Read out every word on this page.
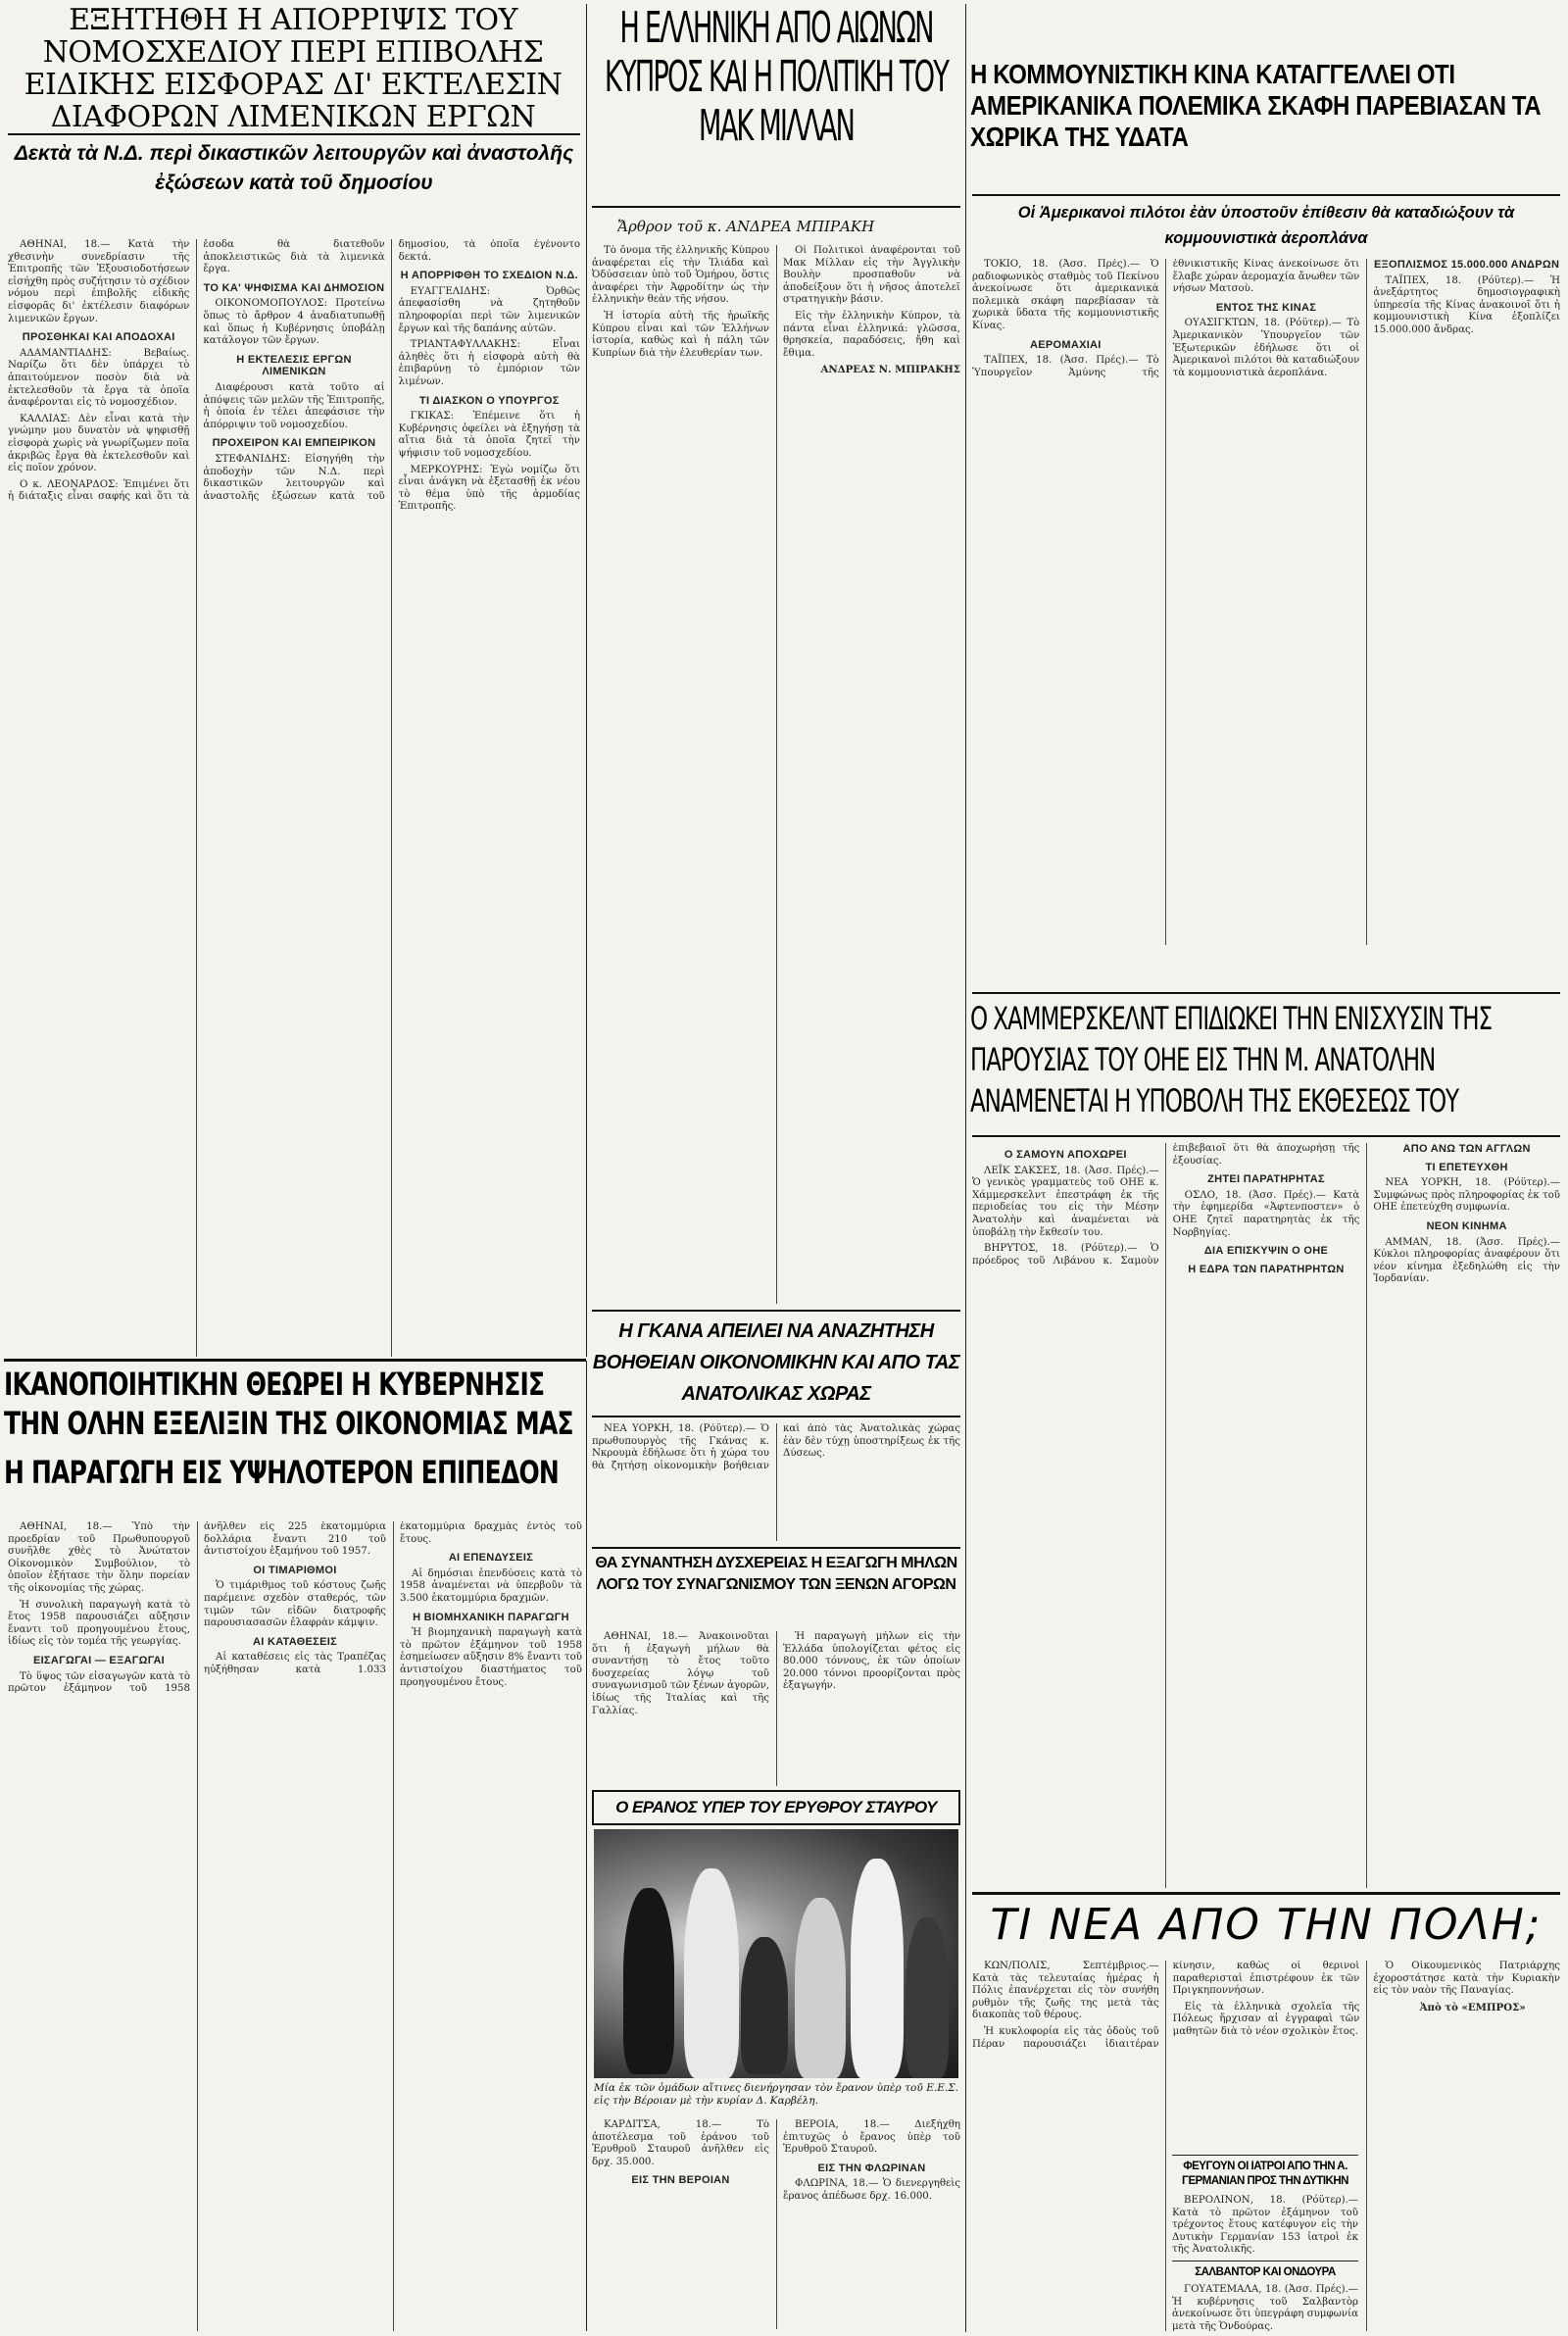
ΕΞΗΤΗΘΗ Η ΑΠΟΡΡΙΨΙΣ ΤΟΥ ΝΟΜΟΣΧΕΔΙΟΥ ΠΕΡΙ ΕΠΙΒΟΛΗΣ ΕΙΔΙΚΗΣ ΕΙΣΦΟΡΑΣ ΔΙ' ΕΚΤΕΛΕΣΙΝ ΔΙΑΦΟΡΩΝ ΛΙΜΕΝΙΚΩΝ ΕΡΓΩΝ
Δεκτὰ τὰ Ν.Δ. περὶ δικαστικῶν λειτουργῶν καὶ ἀναστολῆς ἐξώσεων κατὰ τοῦ δημοσίου

ΑΘΗΝΑΙ, 18.— Κατὰ τὴν χθεσινὴν συνεδρίασιν τῆς Ἐπιτροπῆς τῶν Ἐξουσιοδοτήσεων εἰσήχθη πρὸς συζήτησιν τὸ σχέδιον νόμου περὶ ἐπιβολῆς εἰδικῆς εἰσφορᾶς δι' ἐκτέλεσιν διαφόρων λιμενικῶν ἔργων.

ΠΡΟΣΘΗΚΑΙ ΚΑΙ ΑΠΟΔΟΧΑΙ

ΑΔΑΜΑΝΤΙΑΔΗΣ: Βεβαίως. Ναρίζω ὅτι δὲν ὑπάρχει τὸ ἀπαιτούμενον ποσὸν διὰ νὰ ἐκτελεσθοῦν τὰ ἔργα τὰ ὁποῖα ἀναφέρονται εἰς τὸ νομοσχέδιον.

ΚΑΛΛΙΑΣ: Δὲν εἶναι κατὰ τὴν γνώμην μου δυνατὸν νὰ ψηφισθῇ εἰσφορὰ χωρὶς νὰ γνωρίζωμεν ποῖα ἀκριβῶς ἔργα θὰ ἐκτελεσθοῦν καὶ εἰς ποῖον χρόνον.

Ο κ. ΛΕΟΝΑΡΔΟΣ: Ἐπιμένει ὅτι ἡ διάταξις εἶναι σαφής καὶ ὅτι τὰ ἔσοδα θὰ διατεθοῦν ἀποκλειστικῶς διὰ τὰ λιμενικὰ ἔργα.

ΤΟ ΚΑ' ΨΗΦΙΣΜΑ ΚΑΙ ΔΗΜΟΣΙΟΝ

ΟΙΚΟΝΟΜΟΠΟΥΛΟΣ: Προτείνω ὅπως τὸ ἄρθρον 4 ἀναδιατυπωθῇ καὶ ὅπως ἡ Κυβέρνησις ὑποβάλῃ κατάλογον τῶν ἔργων.

Η ΕΚΤΕΛΕΣΙΣ ΕΡΓΩΝ ΛΙΜΕΝΙΚΩΝ

Διαφέρουσι κατὰ τοῦτο αἱ ἀπόψεις τῶν μελῶν τῆς Ἐπιτροπῆς, ἡ ὁποία ἐν τέλει ἀπεφάσισε τὴν ἀπόρριψιν τοῦ νομοσχεδίου.

ΠΡΟΧΕΙΡΟΝ ΚΑΙ ΕΜΠΕΙΡΙΚΟΝ

ΣΤΕΦΑΝΙΔΗΣ: Εἰσηγήθη τὴν ἀποδοχὴν τῶν Ν.Δ. περὶ δικαστικῶν λειτουργῶν καὶ ἀναστολῆς ἐξώσεων κατὰ τοῦ δημοσίου, τὰ ὁποῖα ἐγένοντο δεκτά.

Η ΑΠΟΡΡΙΦΘΗ ΤΟ ΣΧΕΔΙΟΝ Ν.Δ.

ΕΥΑΓΓΕΛΙΔΗΣ: Ὀρθῶς ἀπεφασίσθη νὰ ζητηθοῦν πληροφορίαι περὶ τῶν λιμενικῶν ἔργων καὶ τῆς δαπάνης αὐτῶν.

ΤΡΙΑΝΤΑΦΥΛΛΑΚΗΣ: Εἶναι ἀληθὲς ὅτι ἡ εἰσφορὰ αὐτὴ θὰ ἐπιβαρύνῃ τὸ ἐμπόριον τῶν λιμένων.

ΤΙ ΔΙΑΣΚΟΝ Ο ΥΠΟΥΡΓΟΣ

ΓΚΙΚΑΣ: Ἐπέμεινε ὅτι ἡ Κυβέρνησις ὀφείλει νὰ ἐξηγήσῃ τὰ αἴτια διὰ τὰ ὁποῖα ζητεῖ τὴν ψήφισιν τοῦ νομοσχεδίου.

ΜΕΡΚΟΥΡΗΣ: Ἐγὼ νομίζω ὅτι εἶναι ἀνάγκη νὰ ἐξετασθῇ ἐκ νέου τὸ θέμα ὑπὸ τῆς ἁρμοδίας Ἐπιτροπῆς.

Η ΕΛΛΗΝΙΚΗ ΑΠΟ ΑΙΩΝΩΝ ΚΥΠΡΟΣ ΚΑΙ Η ΠΟΛΙΤΙΚΗ ΤΟΥ ΜΑΚ ΜΙΛΛΑΝ
Ἄρθρον τοῦ κ. ΑΝΔΡΕΑ ΜΠΙΡΑΚΗ

Τὸ ὄνομα τῆς ἑλληνικῆς Κύπρου ἀναφέρεται εἰς τὴν Ἰλιάδα καὶ Ὀδύσσειαν ὑπὸ τοῦ Ὁμήρου, ὅστις ἀναφέρει τὴν Ἀφροδίτην ὡς τὴν ἐλληνικὴν θεὰν τῆς νήσου.

Ἡ ἱστορία αὐτὴ τῆς ἡρωϊκῆς Κύπρου εἶναι καὶ τῶν Ἑλλήνων ἱστορία, καθὼς καὶ ἡ πάλη τῶν Κυπρίων διὰ τὴν ἐλευθερίαν των.

Οἱ Πολιτικοὶ ἀναφέρονται τοῦ Μακ Μίλλαν εἰς τὴν Ἀγγλικὴν Βουλὴν προσπαθοῦν νὰ ἀποδείξουν ὅτι ἡ νῆσος ἀποτελεῖ στρατηγικὴν βάσιν.

Εἰς τὴν ἑλληνικὴν Κύπρον, τὰ πάντα εἶναι ἑλληνικά: γλῶσσα, θρησκεία, παραδόσεις, ἤθη καὶ ἔθιμα.

ΑΝΔΡΕΑΣ Ν. ΜΠΙΡΑΚΗΣ

Η ΚΟΜΜΟΥΝΙΣΤΙΚΗ ΚΙΝΑ ΚΑΤΑΓΓΕΛΛΕΙ ΟΤΙ ΑΜΕΡΙΚΑΝΙΚΑ ΠΟΛΕΜΙΚΑ ΣΚΑΦΗ ΠΑΡΕΒΙΑΣΑΝ ΤΑ ΧΩΡΙΚΑ ΤΗΣ ΥΔΑΤΑ
Οἱ Ἀμερικανοὶ πιλότοι ἐὰν ὑποστοῦν ἐπίθεσιν θὰ καταδιώξουν τὰ κομμουνιστικὰ ἀεροπλάνα

ΤΟΚΙΟ, 18. (Ἀσσ. Πρές).— Ὁ ραδιοφωνικὸς σταθμὸς τοῦ Πεκίνου ἀνεκοίνωσε ὅτι ἀμερικανικὰ πολεμικὰ σκάφη παρεβίασαν τὰ χωρικὰ ὕδατα τῆς κομμουνιστικῆς Κίνας.

ΑΕΡΟΜΑΧΙΑΙ

ΤΑΪΠΕΧ, 18. (Ἀσσ. Πρές).— Τὸ Ὑπουργεῖον Ἀμύνης τῆς ἐθνικιστικῆς Κίνας ἀνεκοίνωσε ὅτι ἔλαβε χώραν ἀερομαχία ἄνωθεν τῶν νήσων Ματσοὺ.

ΕΝΤΟΣ ΤΗΣ ΚΙΝΑΣ

ΟΥΑΣΙΓΚΤΩΝ, 18. (Ρόϋτερ).— Τὸ Ἀμερικανικὸν Ὑπουργεῖον τῶν Ἐξωτερικῶν ἐδήλωσε ὅτι οἱ Ἀμερικανοὶ πιλότοι θὰ καταδιώξουν τὰ κομμουνιστικὰ ἀεροπλάνα.

ΕΞΟΠΛΙΣΜΟΣ 15.000.000 ΑΝΔΡΩΝ

ΤΑΪΠΕΧ, 18. (Ρόϋτερ).— Ἡ ἀνεξάρτητος δημοσιογραφικὴ ὑπηρεσία τῆς Κίνας ἀνακοινοῖ ὅτι ἡ κομμουνιστικὴ Κίνα ἐξοπλίζει 15.000.000 ἄνδρας.

Ο ΧΑΜΜΕΡΣΚΕΛΝΤ ΕΠΙΔΙΩΚΕΙ ΤΗΝ ΕΝΙΣΧΥΣΙΝ ΤΗΣ ΠΑΡΟΥΣΙΑΣ ΤΟΥ ΟΗΕ ΕΙΣ ΤΗΝ Μ. ΑΝΑΤΟΛΗΝ ΑΝΑΜΕΝΕΤΑΙ Η ΥΠΟΒΟΛΗ ΤΗΣ ΕΚΘΕΣΕΩΣ ΤΟΥ
Ο ΣΑΜΟΥΝ ΑΠΟΧΩΡΕΙ

ΛΕΪΚ ΣΑΚΣΕΣ, 18. (Ἀσσ. Πρές).— Ὁ γενικὸς γραμματεὺς τοῦ ΟΗΕ κ. Χάμμερσκελντ ἐπεστράφη ἐκ τῆς περιοδείας του εἰς τὴν Μέσην Ἀνατολὴν καὶ ἀναμένεται νὰ ὑποβάλῃ τὴν ἔκθεσίν του.

ΒΗΡΥΤΟΣ, 18. (Ρόϋτερ).— Ὁ πρόεδρος τοῦ Λιβάνου κ. Σαμοὺν ἐπιβεβαιοῖ ὅτι θὰ ἀποχωρήσῃ τῆς ἐξουσίας.

ΖΗΤΕΙ ΠΑΡΑΤΗΡΗΤΑΣ

ΟΣΛΟ, 18. (Ἀσσ. Πρές).— Κατὰ τὴν ἐφημερίδα «Ἀφτενποστεν» ὁ ΟΗΕ ζητεῖ παρατηρητὰς ἐκ τῆς Νορβηγίας.

ΔΙΑ ΕΠΙΣΚΥΨΙΝ Ο ΟΗΕ
Η ΕΔΡΑ ΤΩΝ ΠΑΡΑΤΗΡΗΤΩΝ
ΑΠΟ ΑΝΩ ΤΩΝ ΑΓΓΛΩΝ
ΤΙ ΕΠΕΤΕΥΧΘΗ

ΝΕΑ ΥΟΡΚΗ, 18. (Ρόϋτερ).— Συμφώνως πρὸς πληροφορίας ἐκ τοῦ ΟΗΕ ἐπετεύχθη συμφωνία.

ΝΕΟΝ ΚΙΝΗΜΑ

ΑΜΜΑΝ, 18. (Ἀσσ. Πρές).— Κύκλοι πληροφορίας ἀναφέρουν ὅτι νέον κίνημα ἐξεδηλώθη εἰς τὴν Ἰορδανίαν.

Η ΓΚΑΝΑ ΑΠΕΙΛΕΙ ΝΑ ΑΝΑΖΗΤΗΣΗ ΒΟΗΘΕΙΑΝ ΟΙΚΟΝΟΜΙΚΗΝ ΚΑΙ ΑΠΟ ΤΑΣ ΑΝΑΤΟΛΙΚΑΣ ΧΩΡΑΣ

ΝΕΑ ΥΟΡΚΗ, 18. (Ρόϋτερ).— Ὁ πρωθυπουργὸς τῆς Γκάνας κ. Νκρουμὰ ἐδήλωσε ὅτι ἡ χώρα του θὰ ζητήσῃ οἰκονομικὴν βοήθειαν καὶ ἀπὸ τὰς Ἀνατολικὰς χώρας ἐὰν δὲν τύχῃ ὑποστηρίξεως ἐκ τῆς Δύσεως.

ΙΚΑΝΟΠΟΙΗΤΙΚΗΝ ΘΕΩΡΕΙ Η ΚΥΒΕΡΝΗΣΙΣ ΤΗΝ ΟΛΗΝ ΕΞΕΛΙΞΙΝ ΤΗΣ ΟΙΚΟΝΟΜΙΑΣ ΜΑΣ
Η ΠΑΡΑΓΩΓΗ ΕΙΣ ΥΨΗΛΟΤΕΡΟΝ ΕΠΙΠΕΔΟΝ

ΑΘΗΝΑΙ, 18.— Ὑπὸ τὴν προεδρίαν τοῦ Πρωθυπουργοῦ συνῆλθε χθὲς τὸ Ἀνώτατον Οἰκονομικὸν Συμβούλιον, τὸ ὁποῖον ἐξήτασε τὴν ὅλην πορείαν τῆς οἰκονομίας τῆς χώρας.

Ἡ συνολικὴ παραγωγὴ κατὰ τὸ ἔτος 1958 παρουσιάζει αὔξησιν ἔναντι τοῦ προηγουμένου ἔτους, ἰδίως εἰς τὸν τομέα τῆς γεωργίας.

ΕΙΣΑΓΩΓΑΙ — ΕΞΑΓΩΓΑΙ

Τὸ ὕψος τῶν εἰσαγωγῶν κατὰ τὸ πρῶτον ἑξάμηνον τοῦ 1958 ἀνῆλθεν εἰς 225 ἑκατομμύρια δολλάρια ἔναντι 210 τοῦ ἀντιστοίχου ἑξαμήνου τοῦ 1957.

ΟΙ ΤΙΜΑΡΙΘΜΟΙ

Ὁ τιμάριθμος τοῦ κόστους ζωῆς παρέμεινε σχεδὸν σταθερός, τῶν τιμῶν τῶν εἰδῶν διατροφῆς παρουσιασασῶν ἐλαφρὰν κάμψιν.

ΑΙ ΚΑΤΑΘΕΣΕΙΣ

Αἱ καταθέσεις εἰς τὰς Τραπέζας ηὐξήθησαν κατὰ 1.033 ἑκατομμύρια δραχμὰς ἐντὸς τοῦ ἔτους.

ΑΙ ΕΠΕΝΔΥΣΕΙΣ

Αἱ δημόσιαι ἐπενδύσεις κατὰ τὸ 1958 ἀναμένεται νὰ ὑπερβοῦν τὰ 3.500 ἑκατομμύρια δραχμῶν.

Η ΒΙΟΜΗΧΑΝΙΚΗ ΠΑΡΑΓΩΓΗ

Ἡ βιομηχανικὴ παραγωγὴ κατὰ τὸ πρῶτον ἑξάμηνον τοῦ 1958 ἐσημείωσεν αὔξησιν 8% ἔναντι τοῦ ἀντιστοίχου διαστήματος τοῦ προηγουμένου ἔτους.

ΘΑ ΣΥΝΑΝΤΗΣΗ ΔΥΣΧΕΡΕΙΑΣ Η ΕΞΑΓΩΓΗ ΜΗΛΩΝ ΛΟΓΩ ΤΟΥ ΣΥΝΑΓΩΝΙΣΜΟΥ ΤΩΝ ΞΕΝΩΝ ΑΓΟΡΩΝ

ΑΘΗΝΑΙ, 18.— Ἀνακοινοῦται ὅτι ἡ ἐξαγωγὴ μήλων θὰ συναντήσῃ τὸ ἔτος τοῦτο δυσχερείας λόγῳ τοῦ συναγωνισμοῦ τῶν ξένων ἀγορῶν, ἰδίως τῆς Ἰταλίας καὶ τῆς Γαλλίας.

Ἡ παραγωγὴ μήλων εἰς τὴν Ἑλλάδα ὑπολογίζεται φέτος εἰς 80.000 τόννους, ἐκ τῶν ὁποίων 20.000 τόννοι προορίζονται πρὸς ἐξαγωγήν.

Ο ΕΡΑΝΟΣ ΥΠΕΡ ΤΟΥ ΕΡΥΘΡΟΥ ΣΤΑΥΡΟΥ
Μία ἐκ τῶν ὁμάδων αἵτινες διενήργησαν τὸν ἔρανον ὑπὲρ τοῦ Ε.Ε.Σ. εἰς τὴν Βέροιαν μὲ τὴν κυρίαν Δ. Καρβέλη.

ΚΑΡΔΙΤΣΑ, 18.— Τὸ ἀποτέλεσμα τοῦ ἐράνου τοῦ Ἐρυθροῦ Σταυροῦ ἀνῆλθεν εἰς δρχ. 35.000.

ΕΙΣ ΤΗΝ ΒΕΡΟΙΑΝ

ΒΕΡΟΙΑ, 18.— Διεξήχθη ἐπιτυχῶς ὁ ἔρανος ὑπὲρ τοῦ Ἐρυθροῦ Σταυροῦ.

ΕΙΣ ΤΗΝ ΦΛΩΡΙΝΑΝ

ΦΛΩΡΙΝΑ, 18.— Ὁ διενεργηθεὶς ἔρανος ἀπέδωσε δρχ. 16.000.

ΤΙ ΝΕΑ ΑΠΟ ΤΗΝ ΠΟΛΗ;

ΚΩΝ/ΠΟΛΙΣ, Σεπτέμβριος.— Κατὰ τὰς τελευταίας ἡμέρας ἡ Πόλις ἐπανέρχεται εἰς τὸν συνήθη ρυθμὸν τῆς ζωῆς της μετὰ τὰς διακοπὰς τοῦ θέρους.

Ἡ κυκλοφορία εἰς τὰς ὁδοὺς τοῦ Πέραν παρουσιάζει ἰδιαιτέραν κίνησιν, καθὼς οἱ θερινοὶ παραθερισταὶ ἐπιστρέφουν ἐκ τῶν Πριγκηποννήσων.

Εἰς τὰ ἑλληνικὰ σχολεῖα τῆς Πόλεως ἤρχισαν αἱ ἐγγραφαὶ τῶν μαθητῶν διὰ τὸ νέον σχολικὸν ἔτος.

Ὁ Οἰκουμενικὸς Πατριάρχης ἐχοροστάτησε κατὰ τὴν Κυριακὴν εἰς τὸν ναὸν τῆς Παναγίας.

Ἀπὸ τὸ «ΕΜΠΡΟΣ»

ΦΕΥΓΟΥΝ ΟΙ ΙΑΤΡΟΙ ΑΠΟ ΤΗΝ Α. ΓΕΡΜΑΝΙΑΝ ΠΡΟΣ ΤΗΝ ΔΥΤΙΚΗΝ

ΒΕΡΟΛΙΝΟΝ, 18. (Ρόϋτερ).— Κατὰ τὸ πρῶτον ἑξάμηνον τοῦ τρέχοντος ἔτους κατέφυγον εἰς τὴν Δυτικὴν Γερμανίαν 153 ἰατροὶ ἐκ τῆς Ἀνατολικῆς.

ΣΑΛΒΑΝΤΟΡ ΚΑΙ ΟΝΔΟΥΡΑ

ΓΟΥΑΤΕΜΑΛΑ, 18. (Ἀσσ. Πρές).— Ἡ κυβέρνησις τοῦ Σαλβαντὸρ ἀνεκοίνωσε ὅτι ὑπεγράφη συμφωνία μετὰ τῆς Ὀνδούρας.
